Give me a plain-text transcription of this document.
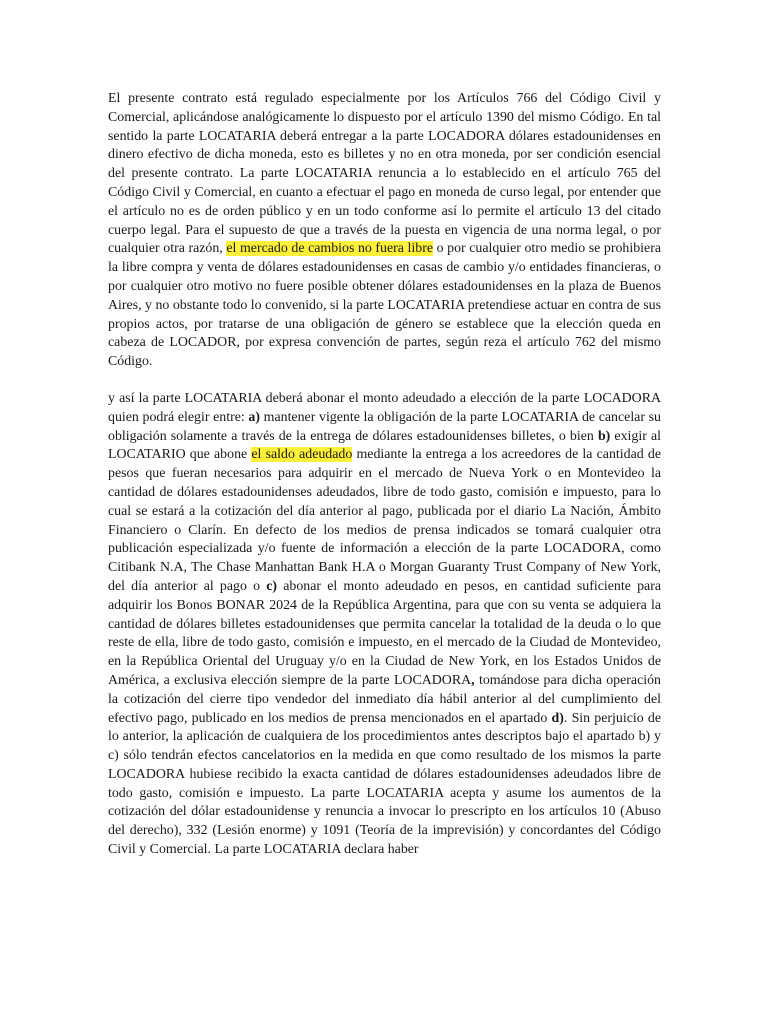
El presente contrato está regulado especialmente por los Artículos 766 del Código Civil y Comercial, aplicándose analógicamente lo dispuesto por el artículo 1390 del mismo Código. En tal sentido la parte LOCATARIA deberá entregar a la parte LOCADORA dólares estadounidenses en dinero efectivo de dicha moneda, esto es billetes y no en otra moneda, por ser condición esencial del presente contrato. La parte LOCATARIA renuncia a lo establecido en el artículo 765 del Código Civil y Comercial, en cuanto a efectuar el pago en moneda de curso legal, por entender que el artículo no es de orden público y en un todo conforme así lo permite el artículo 13 del citado cuerpo legal. Para el supuesto de que a través de la puesta en vigencia de una norma legal, o por cualquier otra razón, el mercado de cambios no fuera libre o por cualquier otro medio se prohibiera la libre compra y venta de dólares estadounidenses en casas de cambio y/o entidades financieras, o por cualquier otro motivo no fuere posible obtener dólares estadounidenses en la plaza de Buenos Aires, y no obstante todo lo convenido, si la parte LOCATARIA pretendiese actuar en contra de sus propios actos, por tratarse de una obligación de género se establece que la elección queda en cabeza de LOCADOR, por expresa convención de partes, según reza el artículo 762 del mismo Código.

y así la parte LOCATARIA deberá abonar el monto adeudado a elección de la parte LOCADORA quien podrá elegir entre: a) mantener vigente la obligación de la parte LOCATARIA de cancelar su obligación solamente a través de la entrega de dólares estadounidenses billetes, o bien b) exigir al LOCATARIO que abone el saldo adeudado mediante la entrega a los acreedores de la cantidad de pesos que fueran necesarios para adquirir en el mercado de Nueva York o en Montevideo la cantidad de dólares estadounidenses adeudados, libre de todo gasto, comisión e impuesto, para lo cual se estará a la cotización del día anterior al pago, publicada por el diario La Nación, Ámbito Financiero o Clarín. En defecto de los medios de prensa indicados se tomará cualquier otra publicación especializada y/o fuente de información a elección de la parte LOCADORA, como Citibank N.A, The Chase Manhattan Bank H.A o Morgan Guaranty Trust Company of New York, del día anterior al pago o c) abonar el monto adeudado en pesos, en cantidad suficiente para adquirir los Bonos BONAR 2024 de la República Argentina, para que con su venta se adquiera la cantidad de dólares billetes estadounidenses que permita cancelar la totalidad de la deuda o lo que reste de ella, libre de todo gasto, comisión e impuesto, en el mercado de la Ciudad de Montevideo, en la República Oriental del Uruguay y/o en la Ciudad de New York, en los Estados Unidos de América, a exclusiva elección siempre de la parte LOCADORA, tomándose para dicha operación la cotización del cierre tipo vendedor del inmediato día hábil anterior al del cumplimiento del efectivo pago, publicado en los medios de prensa mencionados en el apartado d). Sin perjuicio de lo anterior, la aplicación de cualquiera de los procedimientos antes descriptos bajo el apartado b) y c) sólo tendrán efectos cancelatorios en la medida en que como resultado de los mismos la parte LOCADORA hubiese recibido la exacta cantidad de dólares estadounidenses adeudados libre de todo gasto, comisión e impuesto. La parte LOCATARIA acepta y asume los aumentos de la cotización del dólar estadounidense y renuncia a invocar lo prescripto en los artículos 10 (Abuso del derecho), 332 (Lesión enorme) y 1091 (Teoría de la imprevisión) y concordantes del Código Civil y Comercial. La parte LOCATARIA declara haber
